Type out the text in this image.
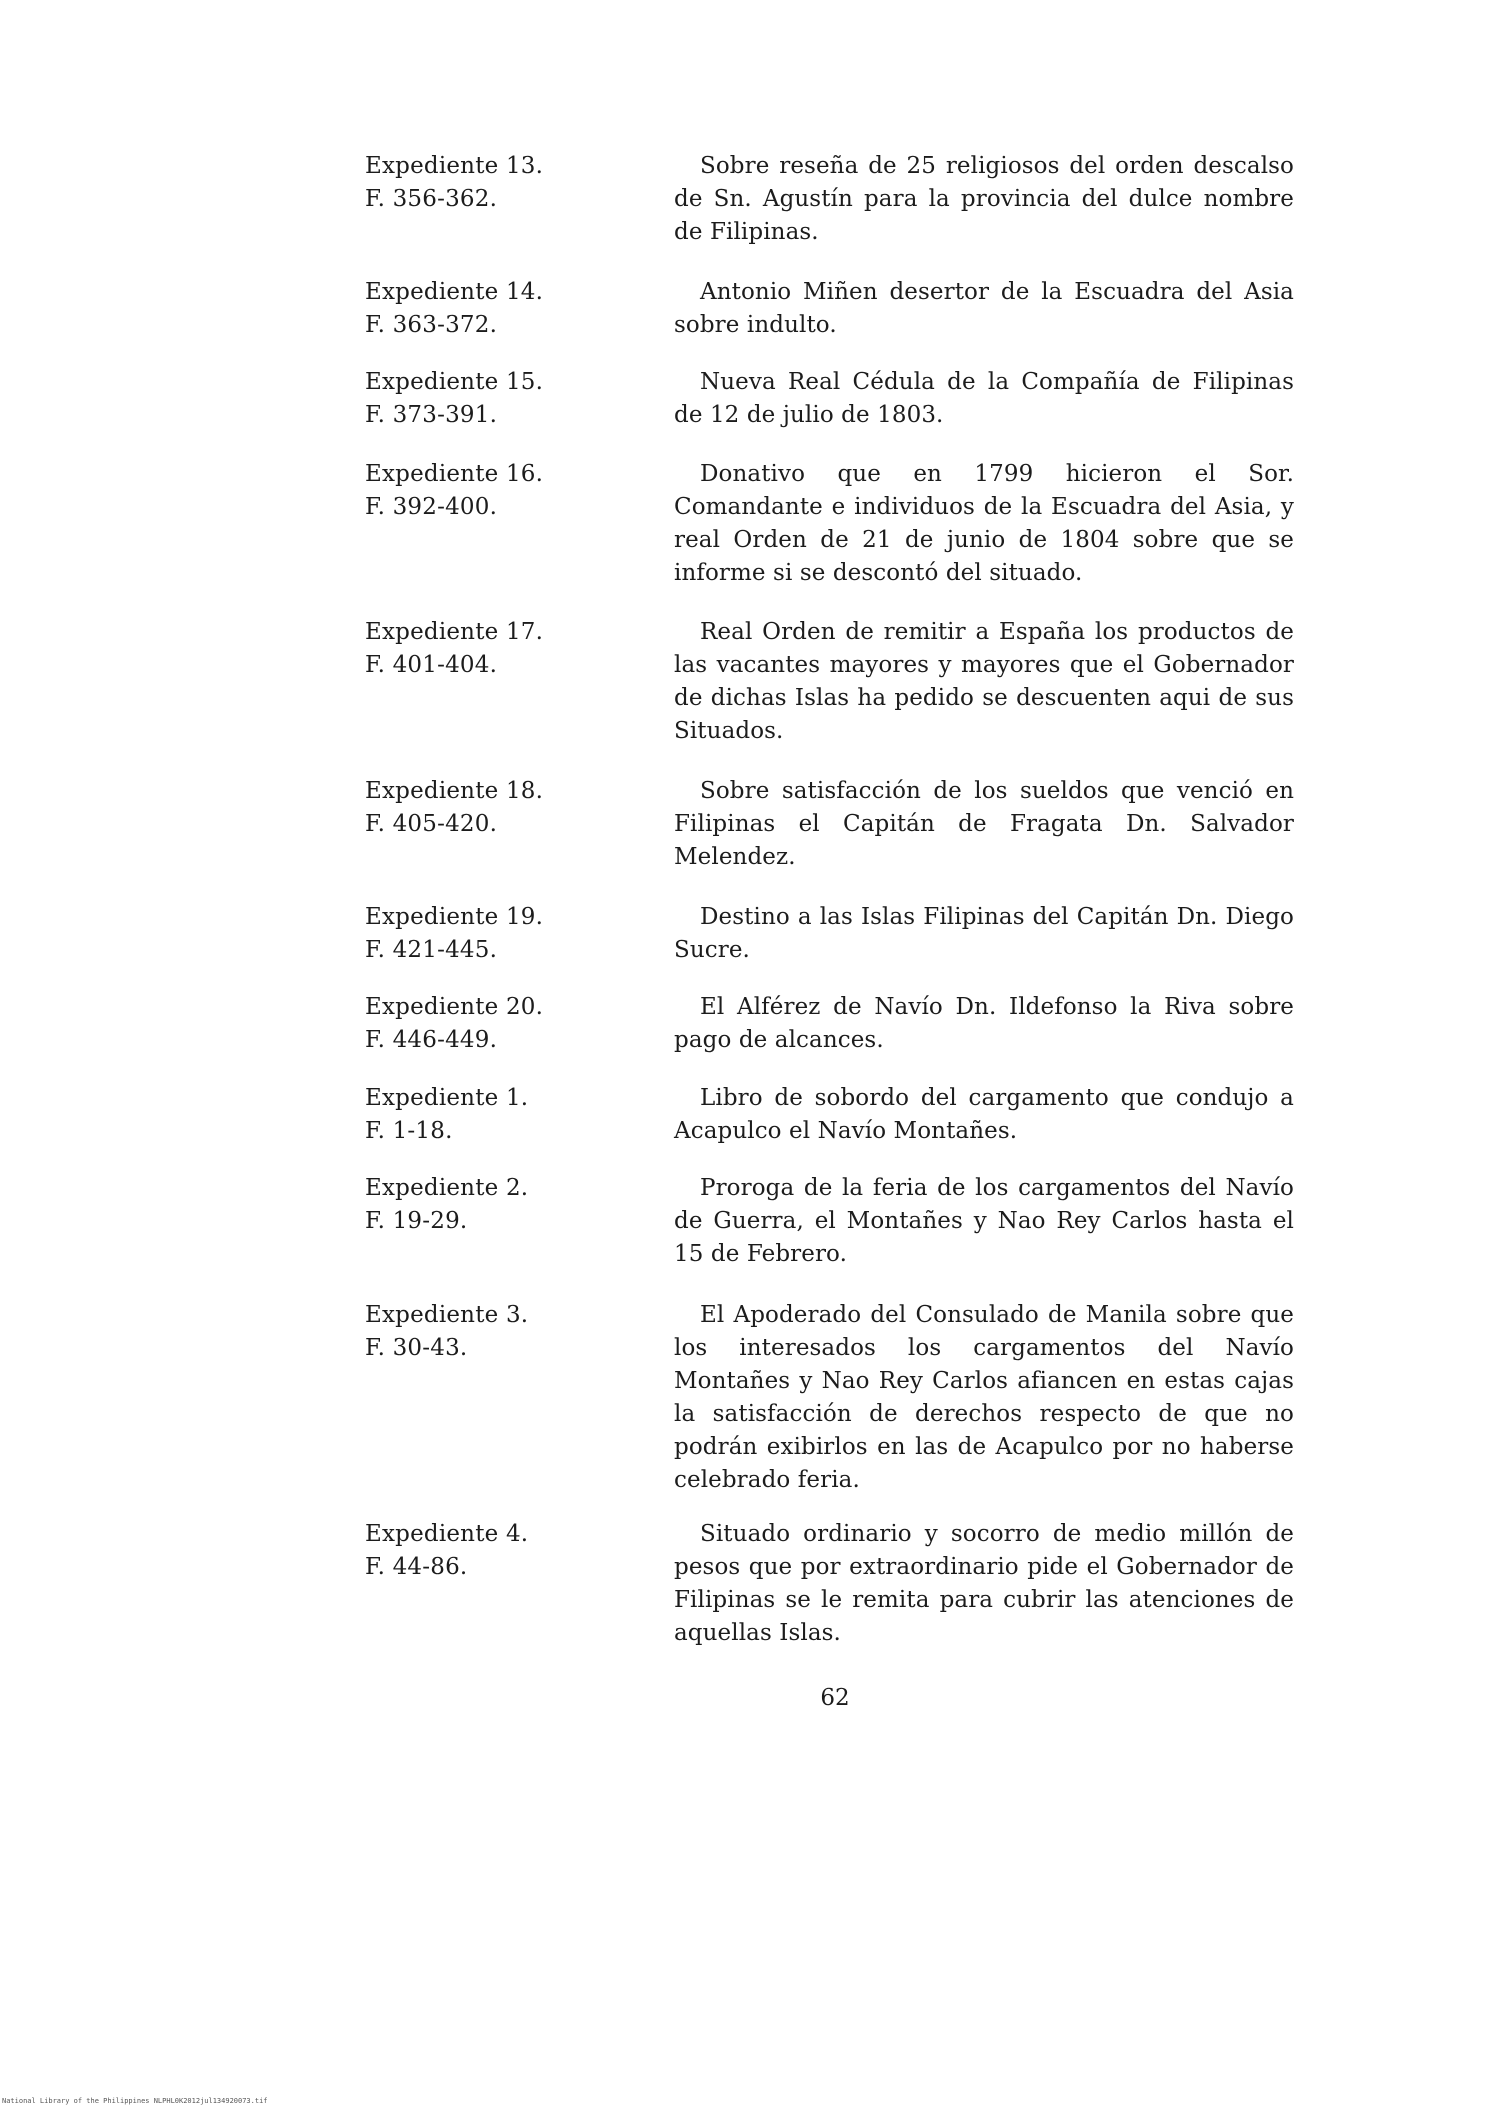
Expediente 13.
F. 356-362.
Sobre reseña de 25 religiosos del orden descalso de Sn. Agustín para la provincia del dulce nombre de Filipinas.
Expediente 14.
F. 363-372.
Antonio Miñen desertor de la Escuadra del Asia sobre indulto.
Expediente 15.
F. 373-391.
Nueva Real Cédula de la Compañía de Filipinas de 12 de julio de 1803.
Expediente 16.
F. 392-400.
Donativo que en 1799 hicieron el Sor. Comandante e individuos de la Escuadra del Asia, y real Orden de 21 de junio de 1804 sobre que se informe si se descontó del situado.
Expediente 17.
F. 401-404.
Real Orden de remitir a España los productos de las vacantes mayores y mayores que el Gobernador de dichas Islas ha pedido se descuenten aqui de sus Situados.
Expediente 18.
F. 405-420.
Sobre satisfacción de los sueldos que venció en Filipinas el Capitán de Fragata Dn. Salvador Melendez.
Expediente 19.
F. 421-445.
Destino a las Islas Filipinas del Capitán Dn. Diego Sucre.
Expediente 20.
F. 446-449.
El Alférez de Navío Dn. Ildefonso la Riva sobre pago de alcances.
Expediente 1.
F. 1-18.
Libro de sobordo del cargamento que condujo a Acapulco el Navío Montañes.
Expediente 2.
F. 19-29.
Proroga de la feria de los cargamentos del Navío de Guerra, el Montañes y Nao Rey Carlos hasta el 15 de Febrero.
Expediente 3.
F. 30-43.
El Apoderado del Consulado de Manila sobre que los interesados los cargamentos del Navío Montañes y Nao Rey Carlos afiancen en estas cajas la satisfacción de derechos respecto de que no podrán exibirlos en las de Acapulco por no haberse celebrado feria.
Expediente 4.
F. 44-86.
Situado ordinario y socorro de medio millón de pesos que por extraordinario pide el Gobernador de Filipinas se le remita para cubrir las atenciones de aquellas Islas.
62
National Library of the Philippines NLPHL0K2012jul134920073.tif
